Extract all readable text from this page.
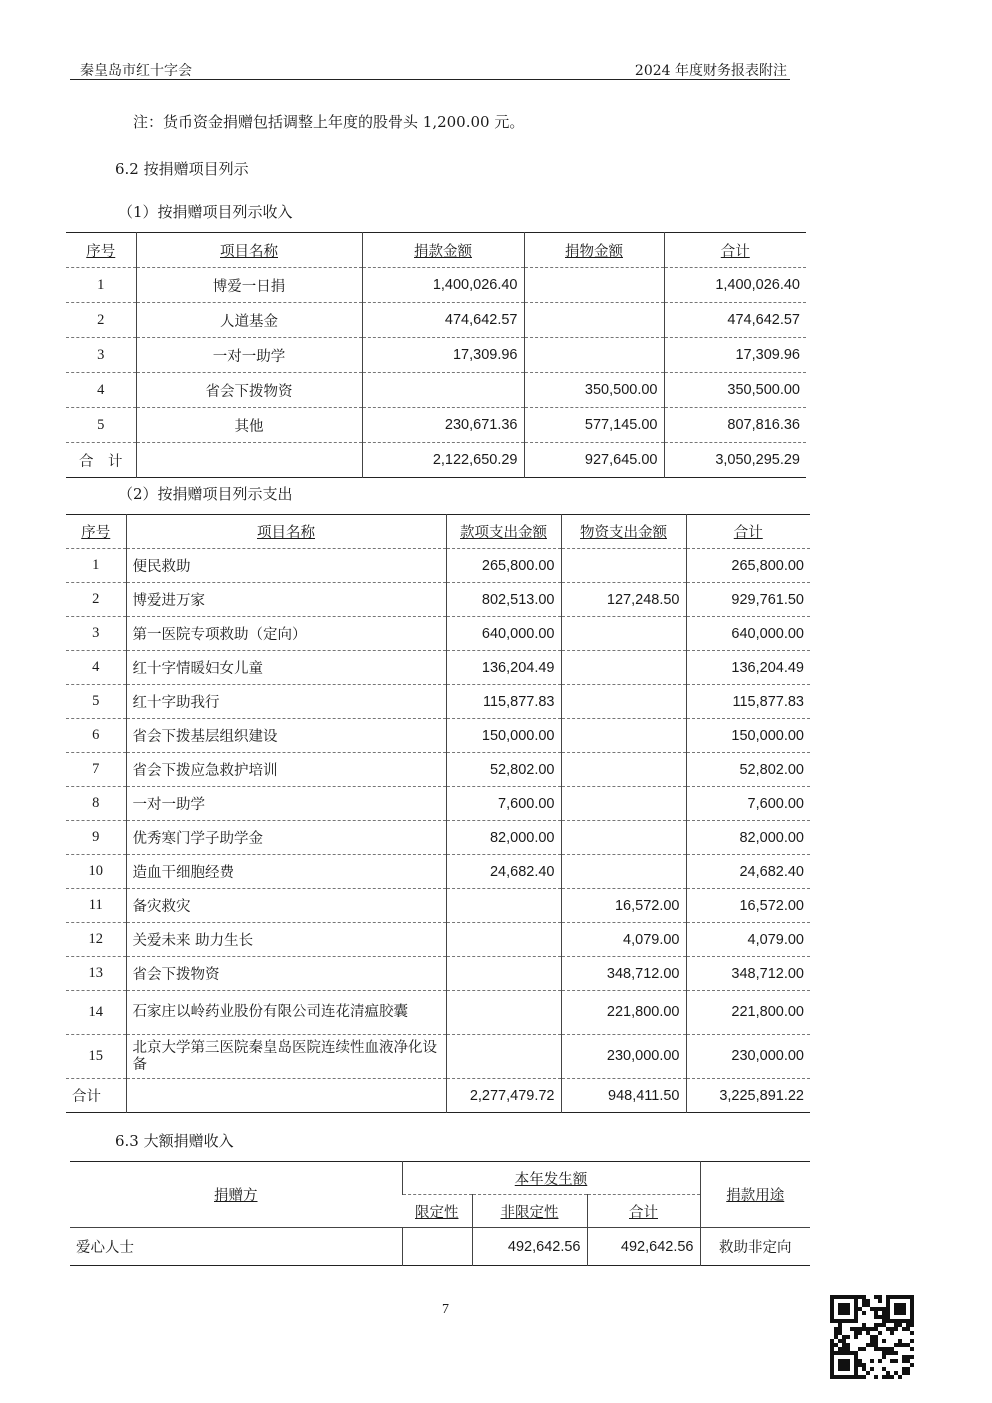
秦皇岛市红十字会	2024 年度财务报表附注
注：货币资金捐赠包括调整上年度的股骨头 1,200.00 元。
6.2 按捐赠项目列示
（1）按捐赠项目列示收入
序号	项目名称	捐款金额	捐物金额	合计
1	博爱一日捐	1,400,026.40		1,400,026.40
2	人道基金	474,642.57		474,642.57
3	一对一助学	17,309.96		17,309.96
4	省会下拨物资		350,500.00	350,500.00
5	其他	230,671.36	577,145.00	807,816.36
合　计		2,122,650.29	927,645.00	3,050,295.29
（2）按捐赠项目列示支出
序号	项目名称	款项支出金额	物资支出金额	合计
1	便民救助	265,800.00		265,800.00
2	博爱进万家	802,513.00	127,248.50	929,761.50
3	第一医院专项救助（定向）	640,000.00		640,000.00
4	红十字情暖妇女儿童	136,204.49		136,204.49
5	红十字助我行	115,877.83		115,877.83
6	省会下拨基层组织建设	150,000.00		150,000.00
7	省会下拨应急救护培训	52,802.00		52,802.00
8	一对一助学	7,600.00		7,600.00
9	优秀寒门学子助学金	82,000.00		82,000.00
10	造血干细胞经费	24,682.40		24,682.40
11	备灾救灾		16,572.00	16,572.00
12	关爱未来 助力生长		4,079.00	4,079.00
13	省会下拨物资		348,712.00	348,712.00
14	石家庄以岭药业股份有限公司连花清瘟胶囊		221,800.00	221,800.00
15	北京大学第三医院秦皇岛医院连续性血液净化设备		230,000.00	230,000.00
合计		2,277,479.72	948,411.50	3,225,891.22
6.3 大额捐赠收入
捐赠方	本年发生额			捐款用途
	限定性	非限定性	合计	
爱心人士		492,642.56	492,642.56	救助非定向
7
